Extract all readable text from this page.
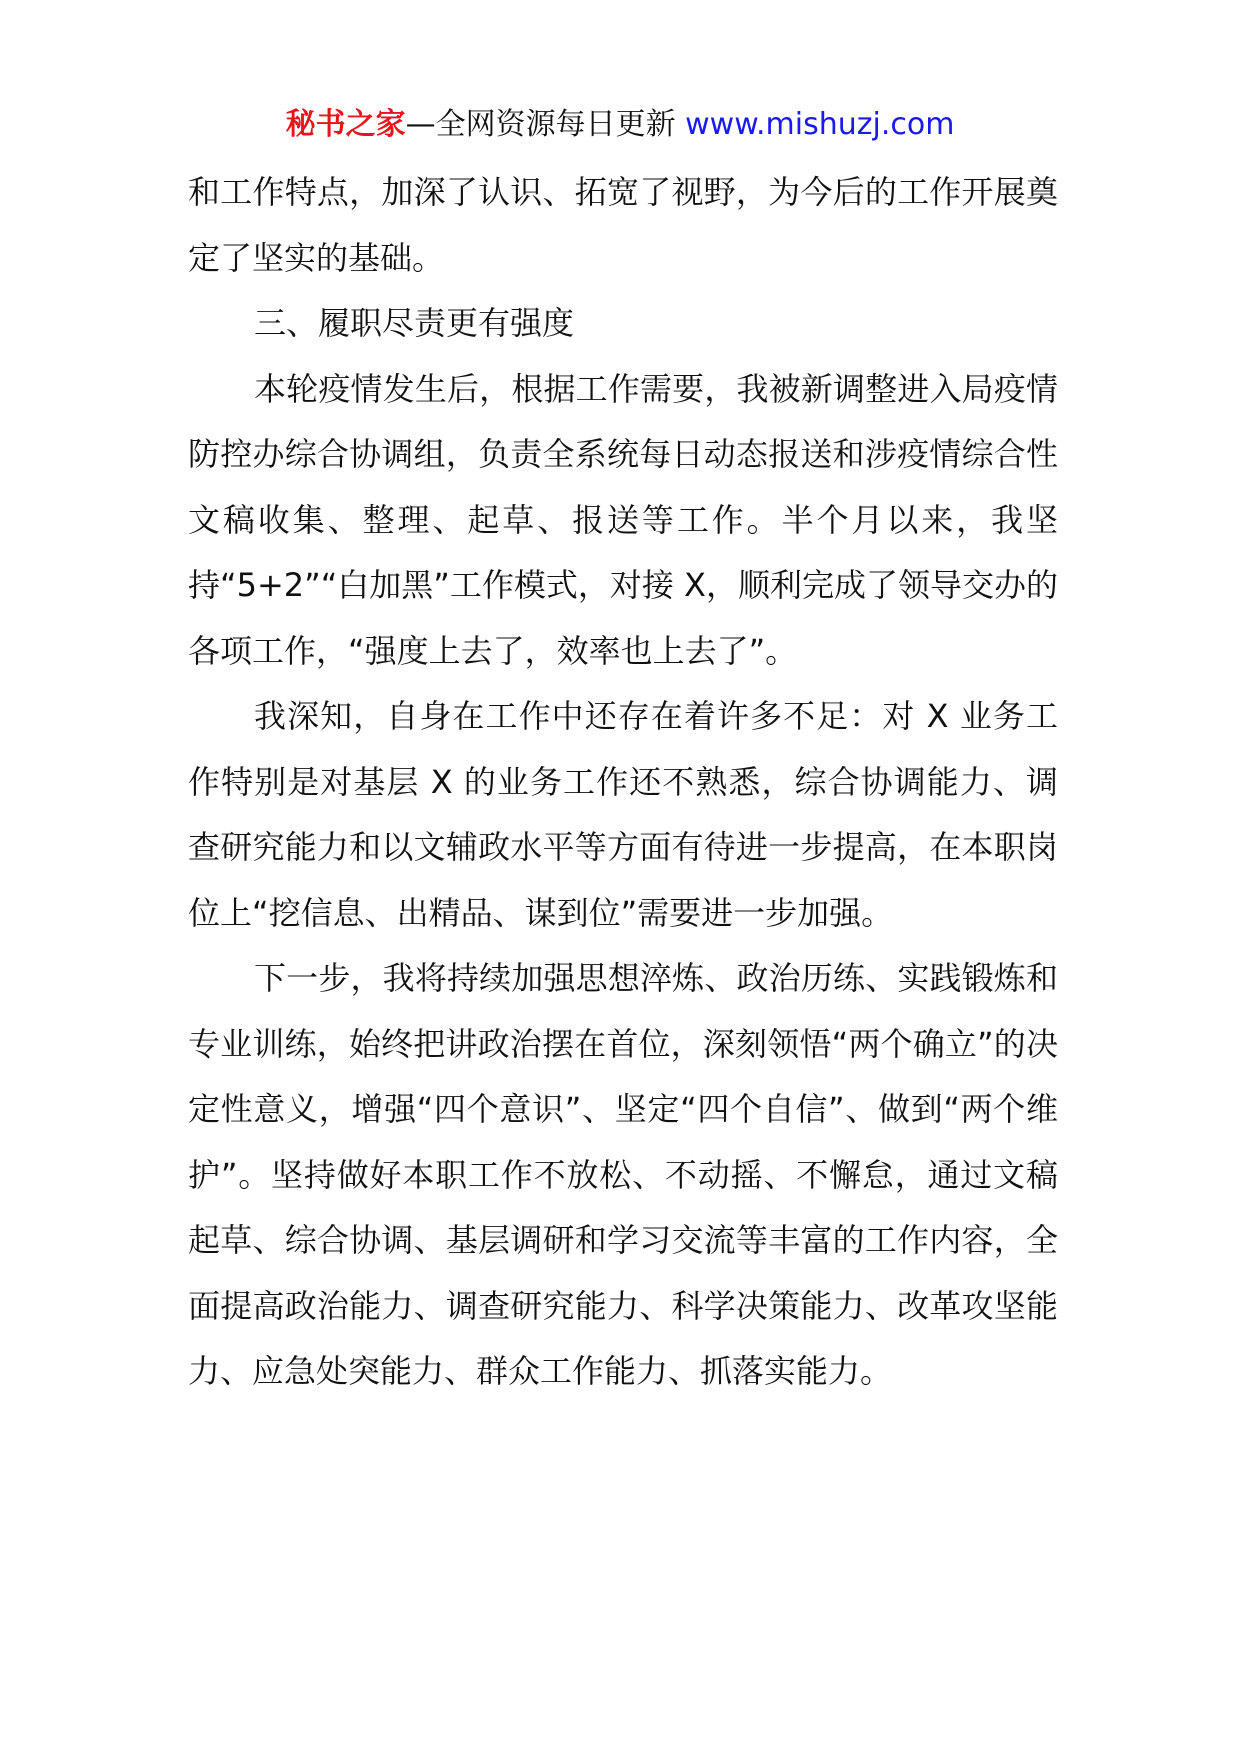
秘书之家—全网资源每日更新 www.mishuzj.com

和工作特点，加深了认识、拓宽了视野，为今后的工作开展奠定了坚实的基础。

三、履职尽责更有强度

本轮疫情发生后，根据工作需要，我被新调整进入局疫情防控办综合协调组，负责全系统每日动态报送和涉疫情综合性文稿收集、整理、起草、报送等工作。半个月以来，我坚持“5+2”“白加黑”工作模式，对接 X，顺利完成了领导交办的各项工作，“强度上去了，效率也上去了”。

我深知，自身在工作中还存在着许多不足：对 X 业务工作特别是对基层 X 的业务工作还不熟悉，综合协调能力、调查研究能力和以文辅政水平等方面有待进一步提高，在本职岗位上“挖信息、出精品、谋到位”需要进一步加强。

下一步，我将持续加强思想淬炼、政治历练、实践锻炼和专业训练，始终把讲政治摆在首位，深刻领悟“两个确立”的决定性意义，增强“四个意识”、坚定“四个自信”、做到“两个维护”。坚持做好本职工作不放松、不动摇、不懈怠，通过文稿起草、综合协调、基层调研和学习交流等丰富的工作内容，全面提高政治能力、调查研究能力、科学决策能力、改革攻坚能力、应急处突能力、群众工作能力、抓落实能力。
